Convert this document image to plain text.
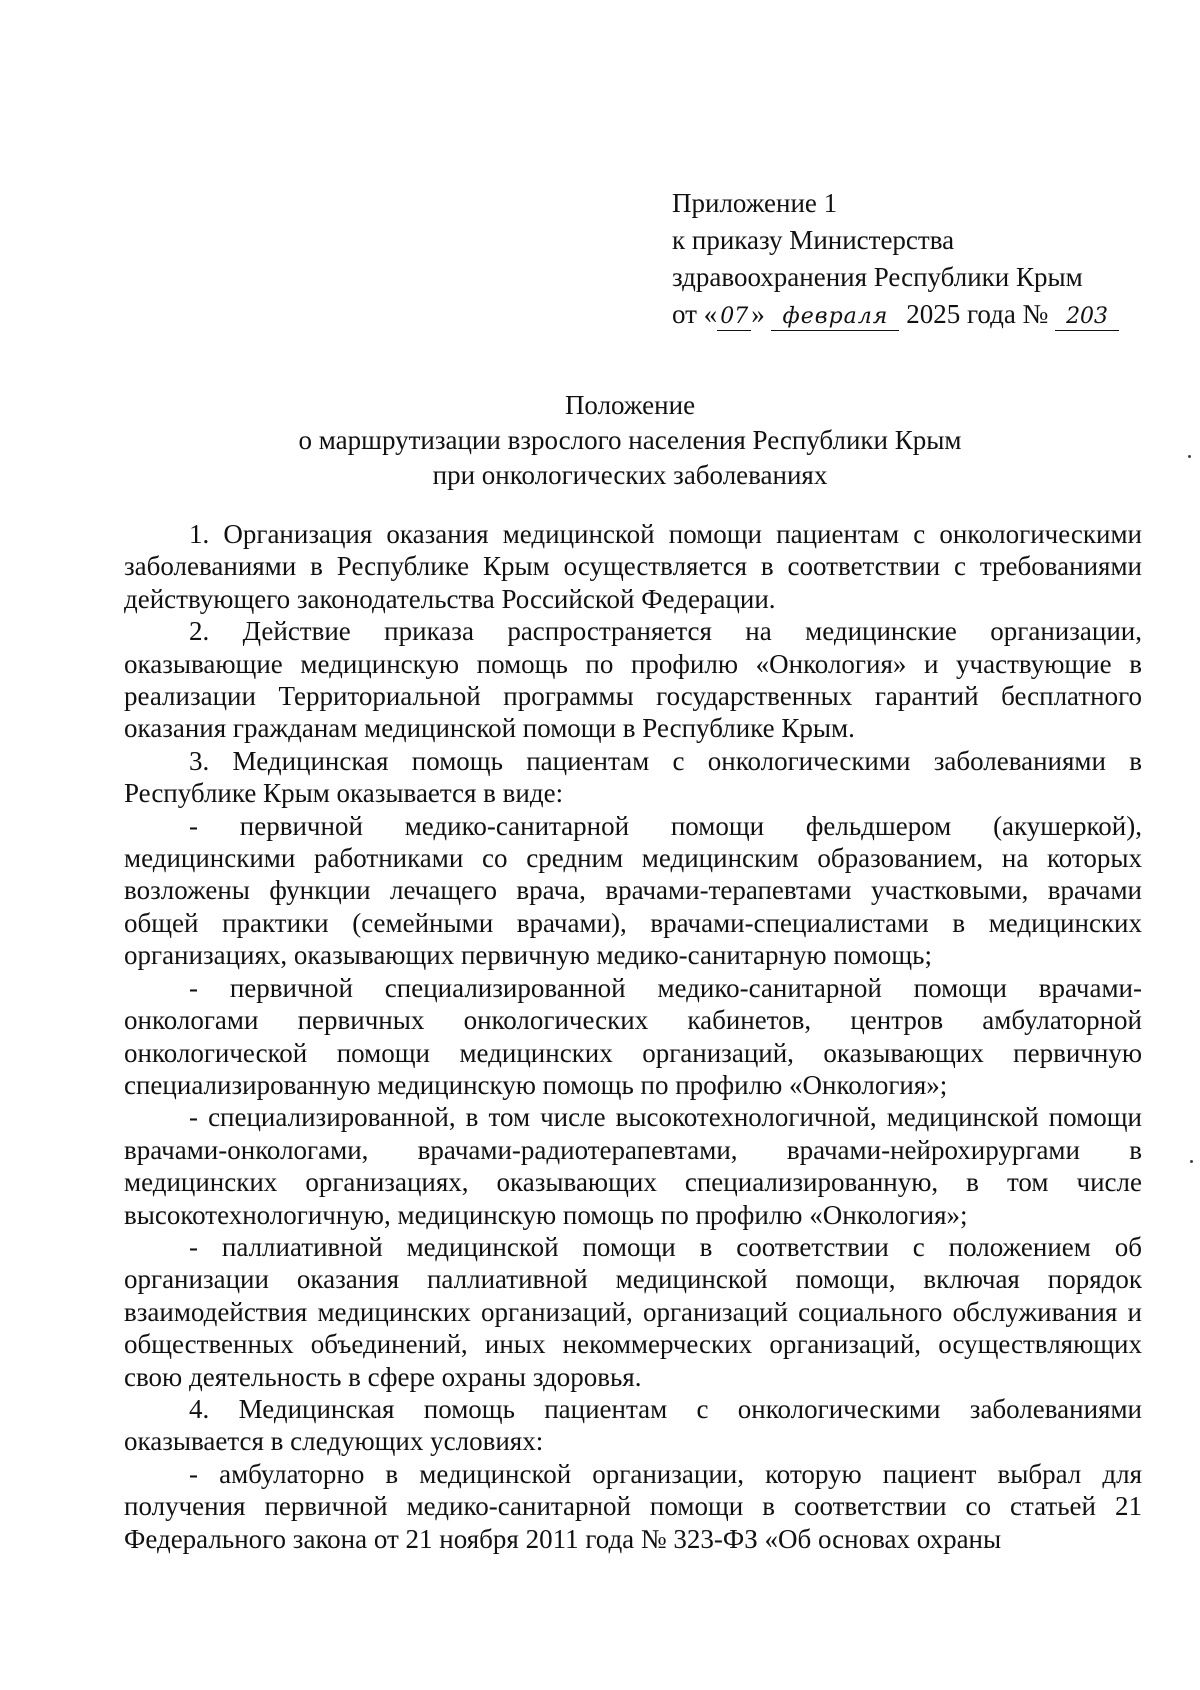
Приложение 1
к приказу Министерства
здравоохранения Республики Крым
от « 07 » февраля 2025 года № 203
Положение
о маршрутизации взрослого населения Республики Крым
при онкологических заболеваниях

1. Организация оказания медицинской помощи пациентам с онкологическими заболеваниями в Республике Крым осуществляется в соответствии с требованиями действующего законодательства Российской Федерации.

2. Действие приказа распространяется на медицинские организации, оказывающие медицинскую помощь по профилю «Онкология» и участвующие в реализации Территориальной программы государственных гарантий бесплатного оказания гражданам медицинской помощи в Республике Крым.

3. Медицинская помощь пациентам с онкологическими заболеваниями в Республике Крым оказывается в виде:

- первичной медико-санитарной помощи фельдшером (акушеркой), медицинскими работниками со средним медицинским образованием, на которых возложены функции лечащего врача, врачами-терапевтами участковыми, врачами общей практики (семейными врачами), врачами-специалистами в медицинских организациях, оказывающих первичную медико-санитарную помощь;

- первичной специализированной медико-санитарной помощи врачами-онкологами первичных онкологических кабинетов, центров амбулаторной онкологической помощи медицинских организаций, оказывающих первичную специализированную медицинскую помощь по профилю «Онкология»;

- специализированной, в том числе высокотехнологичной, медицинской помощи врачами-онкологами, врачами-радиотерапевтами, врачами-нейрохирургами в медицинских организациях, оказывающих специализированную, в том числе высокотехнологичную, медицинскую помощь по профилю «Онкология»;

- паллиативной медицинской помощи в соответствии с положением об организации оказания паллиативной медицинской помощи, включая порядок взаимодействия медицинских организаций, организаций социального обслуживания и общественных объединений, иных некоммерческих организаций, осуществляющих свою деятельность в сфере охраны здоровья.

4. Медицинская помощь пациентам с онкологическими заболеваниями оказывается в следующих условиях:

- амбулаторно в медицинской организации, которую пациент выбрал для получения первичной медико-санитарной помощи в соответствии со статьей 21 Федерального закона от 21 ноября 2011 года № 323-ФЗ «Об основах охраны
